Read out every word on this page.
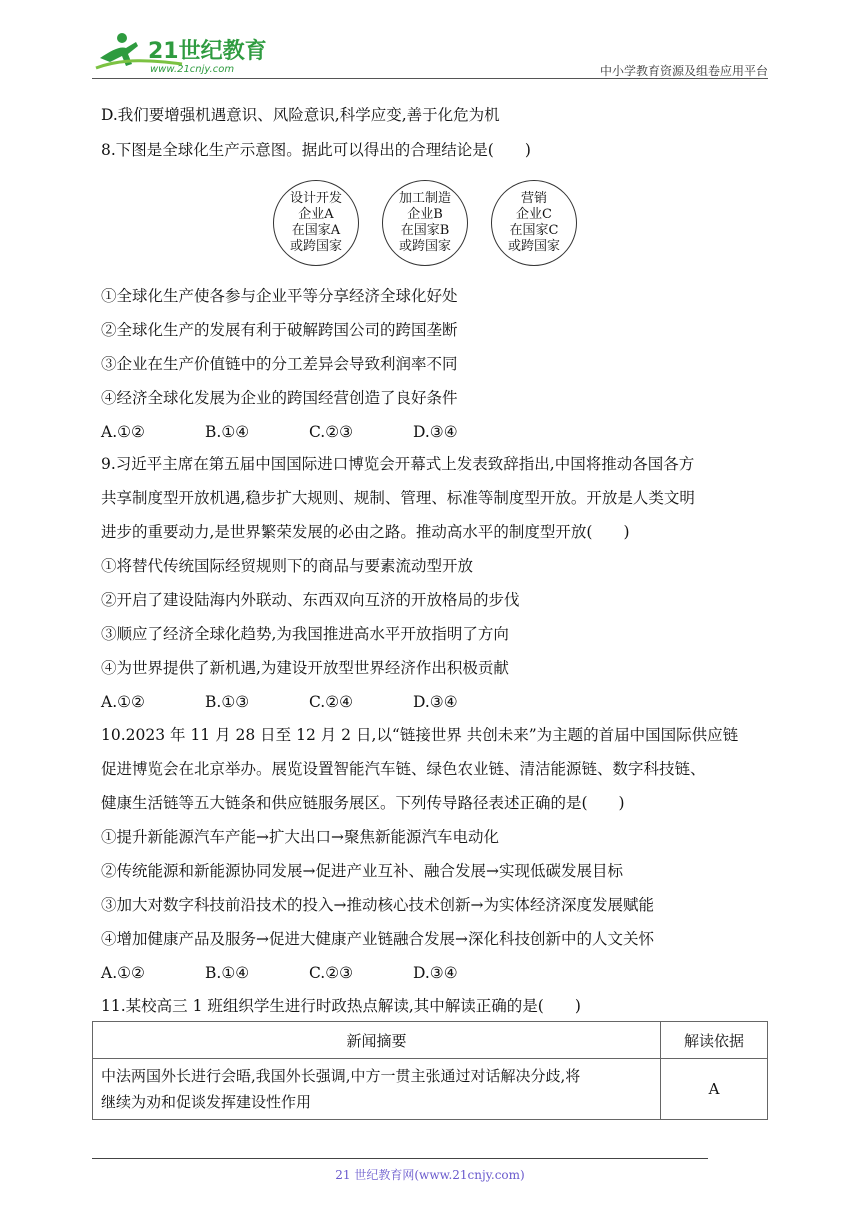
21世纪教育
www.21cnjy.com	中小学教育资源及组卷应用平台

D.我们要增强机遇意识、风险意识,科学应变,善于化危为机

8.下图是全球化生产示意图。据此可以得出的合理结论是(　　)

设计开发
企业A
在国家A
或跨国家
加工制造
企业B
在国家B
或跨国家
营销
企业C
在国家C
或跨国家

①全球化生产使各参与企业平等分享经济全球化好处

②全球化生产的发展有利于破解跨国公司的跨国垄断

③企业在生产价值链中的分工差异会导致利润率不同

④经济全球化发展为企业的跨国经营创造了良好条件

A.①②	B.①④	C.②③	D.③④

9.习近平主席在第五届中国国际进口博览会开幕式上发表致辞指出,中国将推动各国各方

共享制度型开放机遇,稳步扩大规则、规制、管理、标准等制度型开放。开放是人类文明

进步的重要动力,是世界繁荣发展的必由之路。推动高水平的制度型开放(　　)

①将替代传统国际经贸规则下的商品与要素流动型开放

②开启了建设陆海内外联动、东西双向互济的开放格局的步伐

③顺应了经济全球化趋势,为我国推进高水平开放指明了方向

④为世界提供了新机遇,为建设开放型世界经济作出积极贡献

A.①②	B.①③	C.②④	D.③④

10.2023 年 11 月 28 日至 12 月 2 日,以“链接世界 共创未来”为主题的首届中国国际供应链

促进博览会在北京举办。展览设置智能汽车链、绿色农业链、清洁能源链、数字科技链、

健康生活链等五大链条和供应链服务展区。下列传导路径表述正确的是(　　)

①提升新能源汽车产能→扩大出口→聚焦新能源汽车电动化

②传统能源和新能源协同发展→促进产业互补、融合发展→实现低碳发展目标

③加大对数字科技前沿技术的投入→推动核心技术创新→为实体经济深度发展赋能

④增加健康产品及服务→促进大健康产业链融合发展→深化科技创新中的人文关怀

A.①②	B.①④	C.②③	D.③④

11.某校高三 1 班组织学生进行时政热点解读,其中解读正确的是(　　)

新闻摘要	解读依据

中法两国外长进行会晤,我国外长强调,中方一贯主张通过对话解决分歧,将
继续为劝和促谈发挥建设性作用	A
21 世纪教育网(www.21cnjy.com)
